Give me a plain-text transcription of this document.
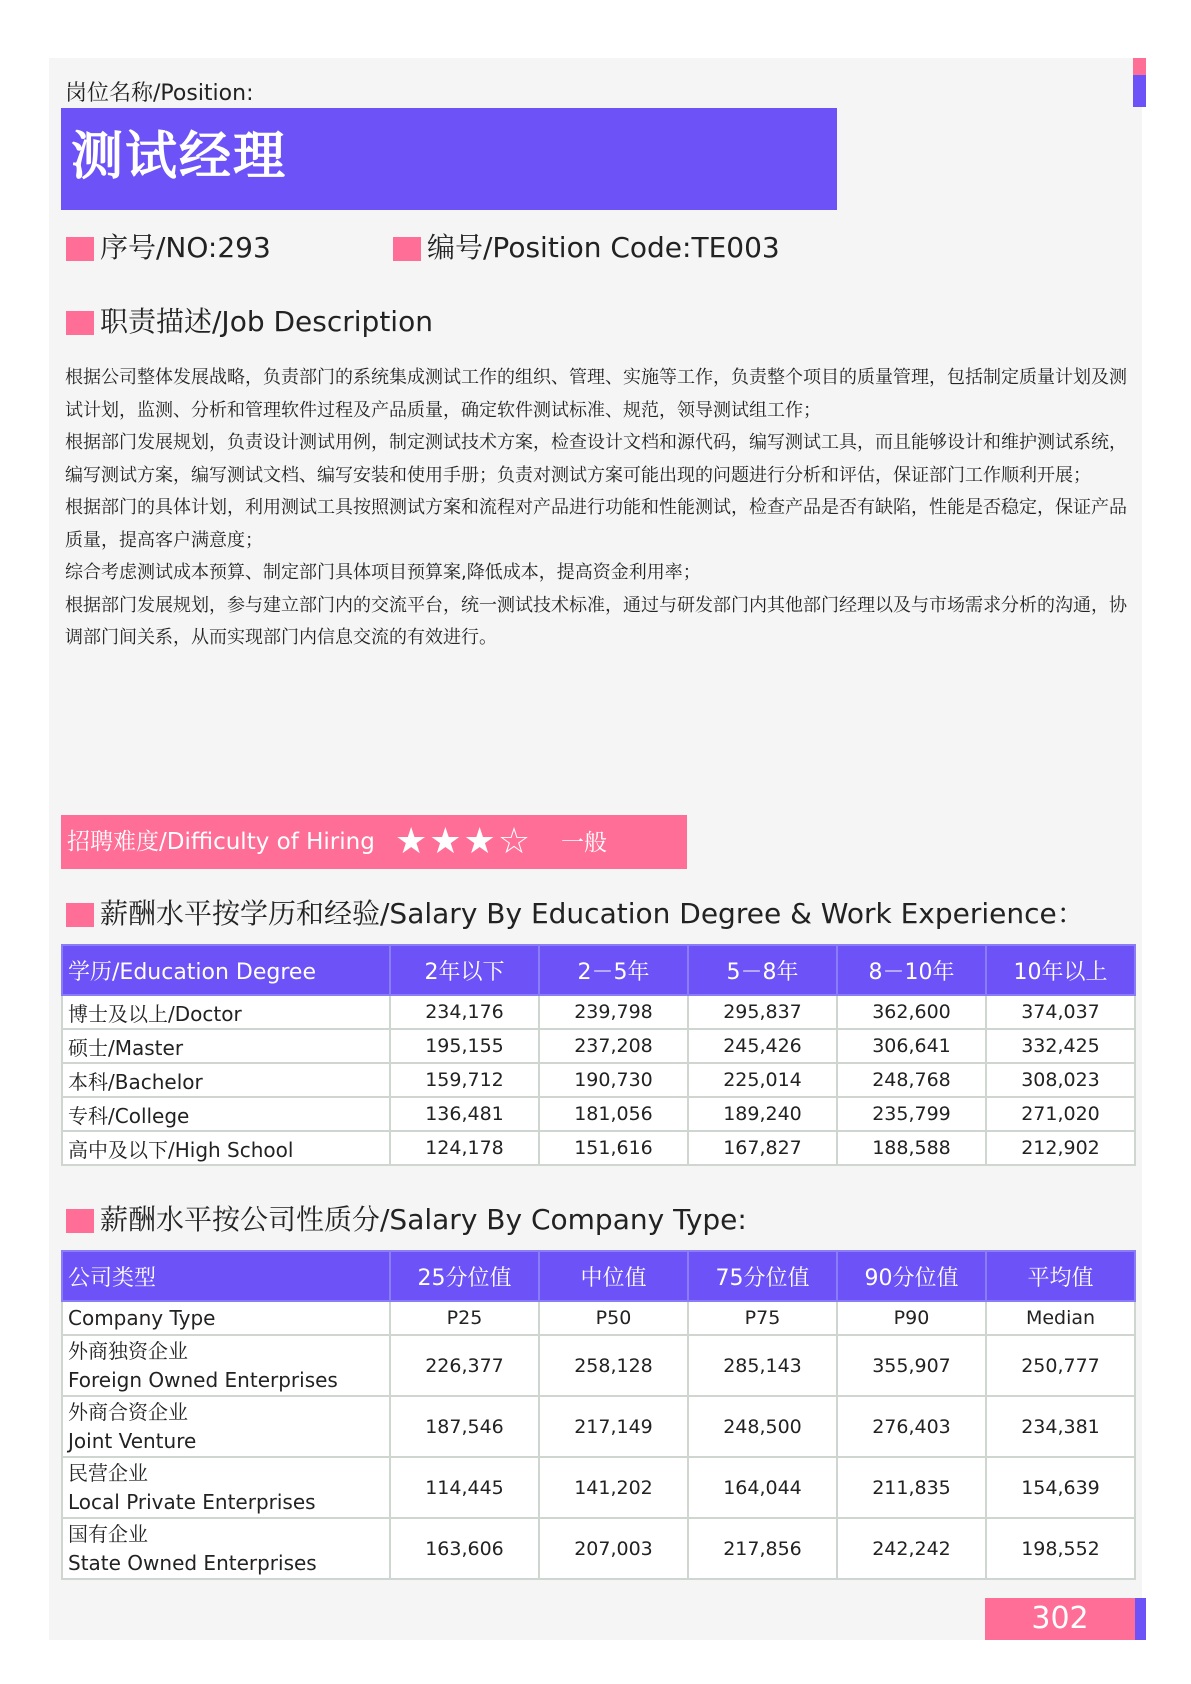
岗位名称/Position:
测试经理
序号/NO:293	编号/Position Code:TE003
职责描述/Job Description

根据公司整体发展战略，负责部门的系统集成测试工作的组织、管理、实施等工作，负责整个项目的质量管理，包括制定质量计划及测试计划，监测、分析和管理软件过程及产品质量，确定软件测试标准、规范，领导测试组工作；

根据部门发展规划，负责设计测试用例，制定测试技术方案，检查设计文档和源代码，编写测试工具，而且能够设计和维护测试系统，编写测试方案，编写测试文档、编写安装和使用手册；负责对测试方案可能出现的问题进行分析和评估，保证部门工作顺利开展；

根据部门的具体计划，利用测试工具按照测试方案和流程对产品进行功能和性能测试，检查产品是否有缺陷，性能是否稳定，保证产品质量，提高客户满意度；

综合考虑测试成本预算、制定部门具体项目预算案,降低成本，提高资金利用率；

根据部门发展规划，参与建立部门内的交流平台，统一测试技术标准，通过与研发部门内其他部门经理以及与市场需求分析的沟通，协调部门间关系，从而实现部门内信息交流的有效进行。

招聘难度/Difficulty of Hiring ★★★☆ 一般
薪酬水平按学历和经验/Salary By Education Degree & Work Experience：
学历/Education Degree	2年以下	2－5年	5－8年	8－10年	10年以上
博士及以上/Doctor	234,176	239,798	295,837	362,600	374,037
硕士/Master	195,155	237,208	245,426	306,641	332,425
本科/Bachelor	159,712	190,730	225,014	248,768	308,023
专科/College	136,481	181,056	189,240	235,799	271,020
高中及以下/High School	124,178	151,616	167,827	188,588	212,902
薪酬水平按公司性质分/Salary By Company Type:
公司类型	25分位值	中位值	75分位值	90分位值	平均值
Company Type	P25	P50	P75	P90	Median

外商独资企业
Foreign Owned Enterprises	226,377	258,128	285,143	355,907	250,777

外商合资企业
Joint Venture	187,546	217,149	248,500	276,403	234,381

民营企业
Local Private Enterprises	114,445	141,202	164,044	211,835	154,639

国有企业
State Owned Enterprises	163,606	207,003	217,856	242,242	198,552
302
